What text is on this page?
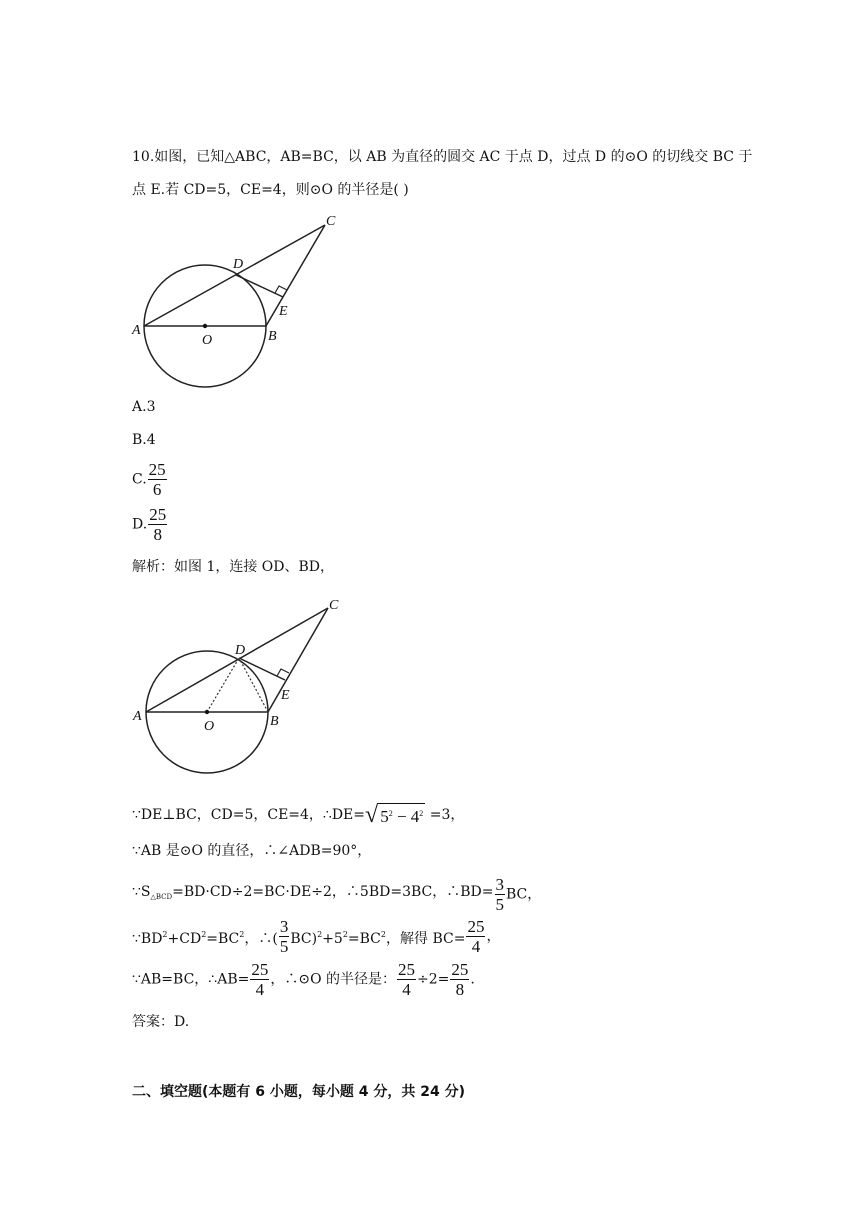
10.如图，已知△ABC，AB=BC，以 AB 为直径的圆交 AC 于点 D，过点 D 的⊙O 的切线交 BC 于
点 E.若 CD=5，CE=4，则⊙O 的半径是( )
A	B
C
D
E
O
A.3
B.4
C. $\frac{25}{6}$
D. $\frac{25}{8}$
解析：如图 1，连接 OD、BD，
A	B
C
D
E
O
∵DE⊥BC，CD=5，CE=4，∴DE=√ $5^2 - 4^2 =3$，
∵AB 是⊙O 的直径，∴∠ADB=90°，
$\because S_{\triangle BCD}=BD\cdot CD\div 2=BC\cdot DE\div 2$，∴5BD=3BC，∴BD= $\frac{3}{5}$ BC，
$\because BD^2+CD^2=BC^2$，∴( $\frac{3}{5} BC)^2+5^2=BC^2$，解得 $BC= \frac{25}{4}$ ，
∵AB=BC，∴AB= $\frac{25}{4}$ ，∴⊙O 的半径是： $\frac{25}{4} \div 2= \frac{25}{8}$ .
答案：D.
二、填空题(本题有 6 小题，每小题 4 分，共 24 分)
